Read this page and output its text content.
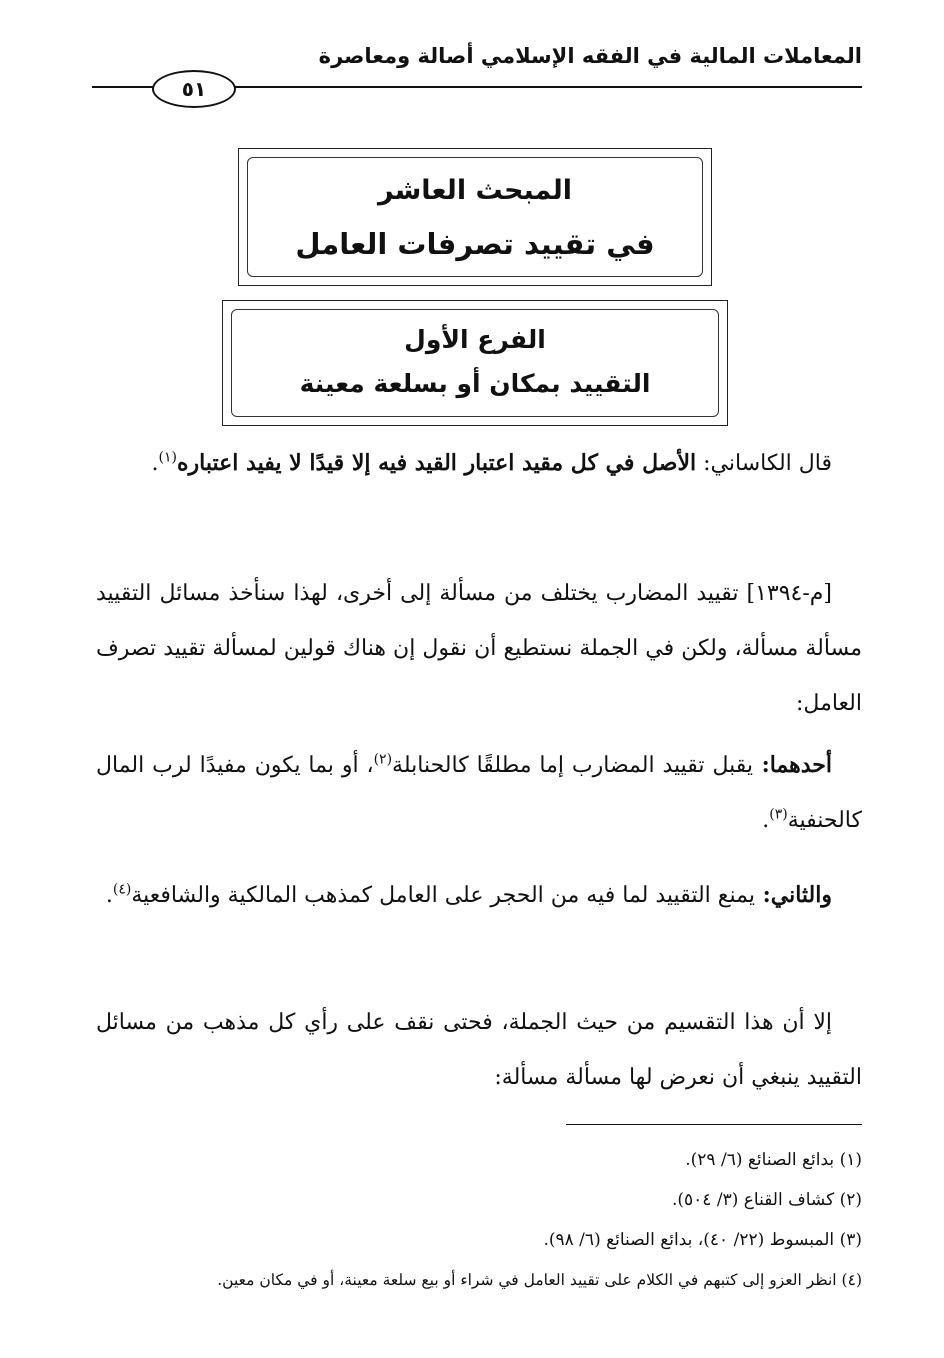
المعاملات المالية في الفقه الإسلامي أصالة ومعاصرة
٥١
المبحث العاشر
في تقييد تصرفات العامل
الفرع الأول
التقييد بمكان أو بسلعة معينة
قال الكاساني: الأصل في كل مقيد اعتبار القيد فيه إلا قيدًا لا يفيد اعتباره$^{(١)}$.
[م-١٣٩٤] تقييد المضارب يختلف من مسألة إلى أخرى، لهذا سنأخذ مسائل التقييد مسألة مسألة، ولكن في الجملة نستطيع أن نقول إن هناك قولين لمسألة تقييد تصرف العامل:
أحدهما: يقبل تقييد المضارب إما مطلقًا كالحنابلة$^{(٢)}$، أو بما يكون مفيدًا لرب المال كالحنفية$^{(٣)}$.
والثاني: يمنع التقييد لما فيه من الحجر على العامل كمذهب المالكية والشافعية$^{(٤)}$.
إلا أن هذا التقسيم من حيث الجملة، فحتى نقف على رأي كل مذهب من مسائل التقييد ينبغي أن نعرض لها مسألة مسألة:
(١) بدائع الصنائع (٦/ ٢٩).
(٢) كشاف القناع (٣/ ٥٠٤).
(٣) المبسوط (٢٢/ ٤٠)، بدائع الصنائع (٦/ ٩٨).
(٤) انظر العزو إلى كتبهم في الكلام على تقييد العامل في شراء أو بيع سلعة معينة، أو في مكان معين.
